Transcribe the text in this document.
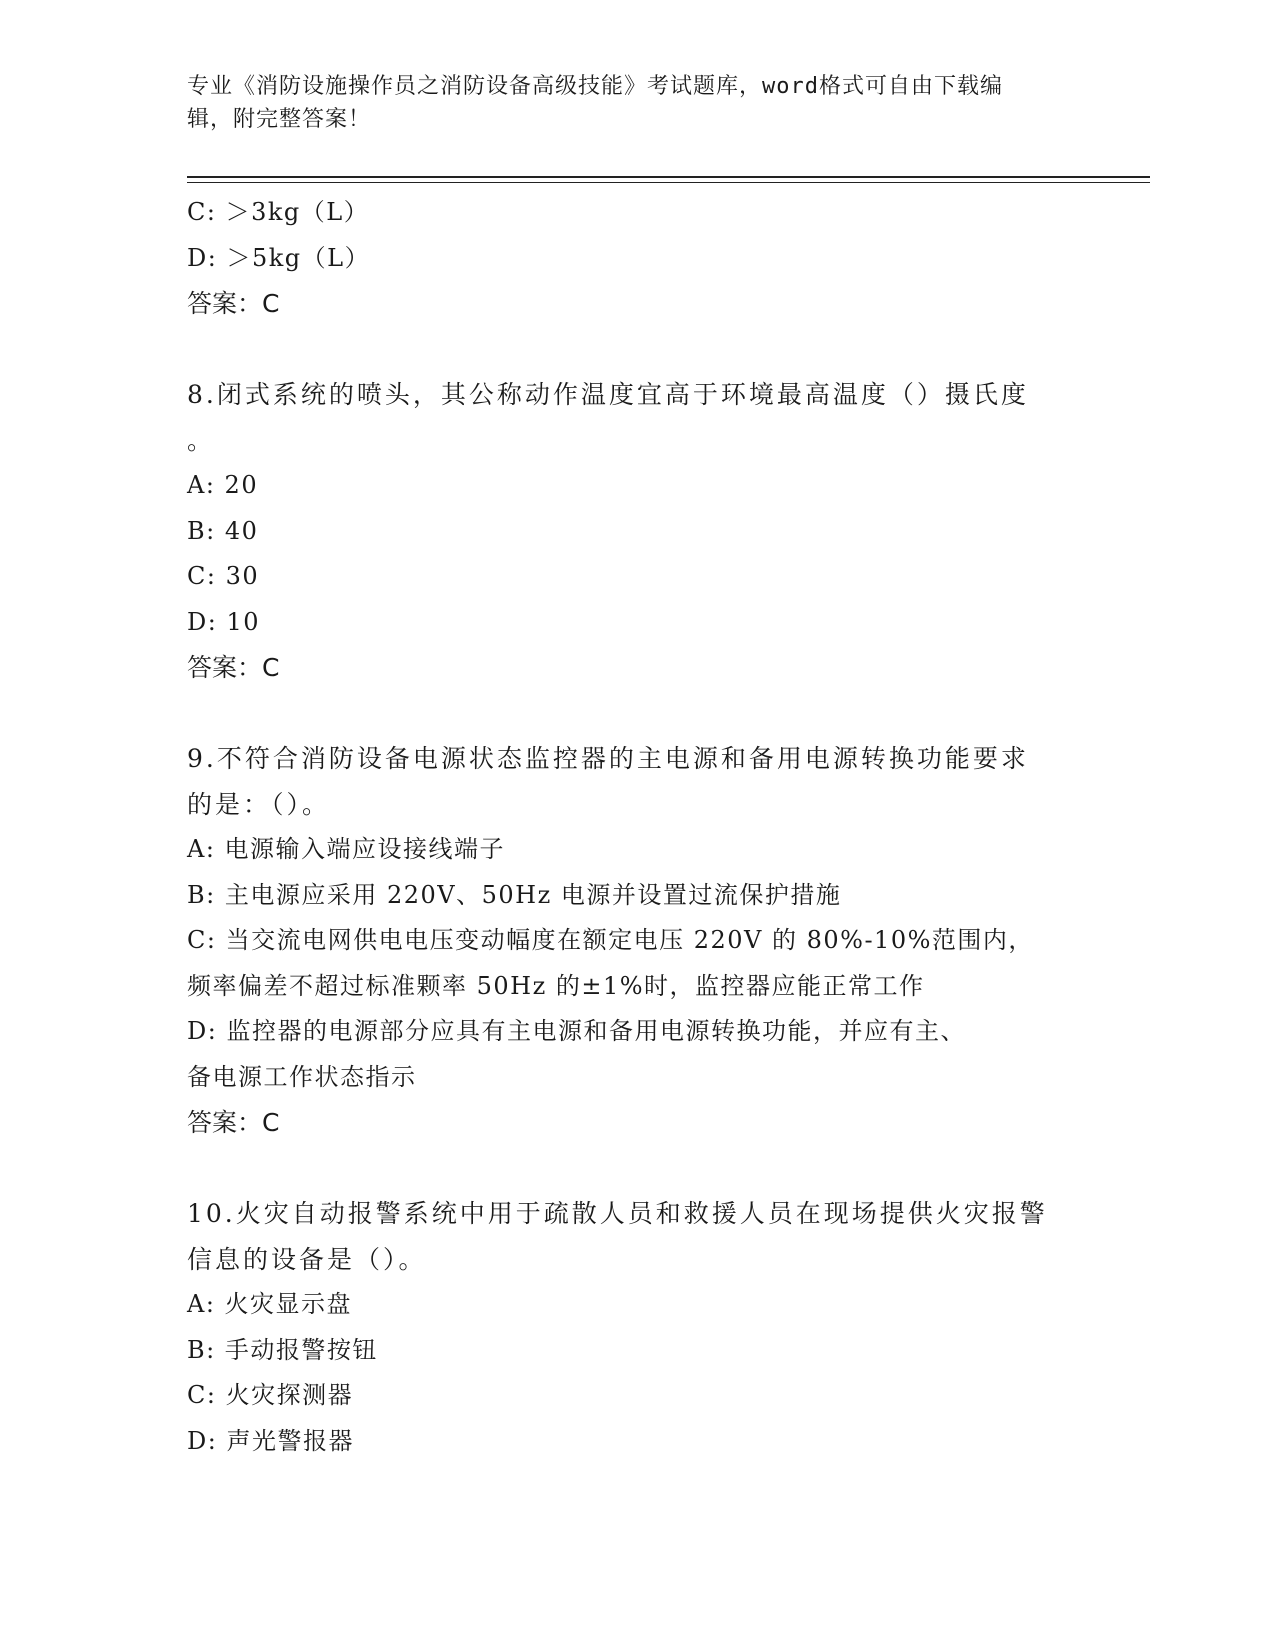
专业《消防设施操作员之消防设备高级技能》考试题库，word格式可自由下载编
辑，附完整答案！
C: ＞3kg（L）
D: ＞5kg（L）
答案：C
8.闭式系统的喷头，其公称动作温度宜高于环境最高温度（）摄氏度
。
A: 20
B: 40
C: 30
D: 10
答案：C
9.不符合消防设备电源状态监控器的主电源和备用电源转换功能要求
的是：（）。
A: 电源输入端应设接线端子
B: 主电源应采用 220V、50Hz 电源并设置过流保护措施
C: 当交流电网供电电压变动幅度在额定电压 220V 的 80%-10%范围内，
频率偏差不超过标准颗率 50Hz 的±1%时，监控器应能正常工作
D: 监控器的电源部分应具有主电源和备用电源转换功能，并应有主、
备电源工作状态指示
答案：C
10.火灾自动报警系统中用于疏散人员和救援人员在现场提供火灾报警
信息的设备是（）。
A: 火灾显示盘
B: 手动报警按钮
C: 火灾探测器
D: 声光警报器
